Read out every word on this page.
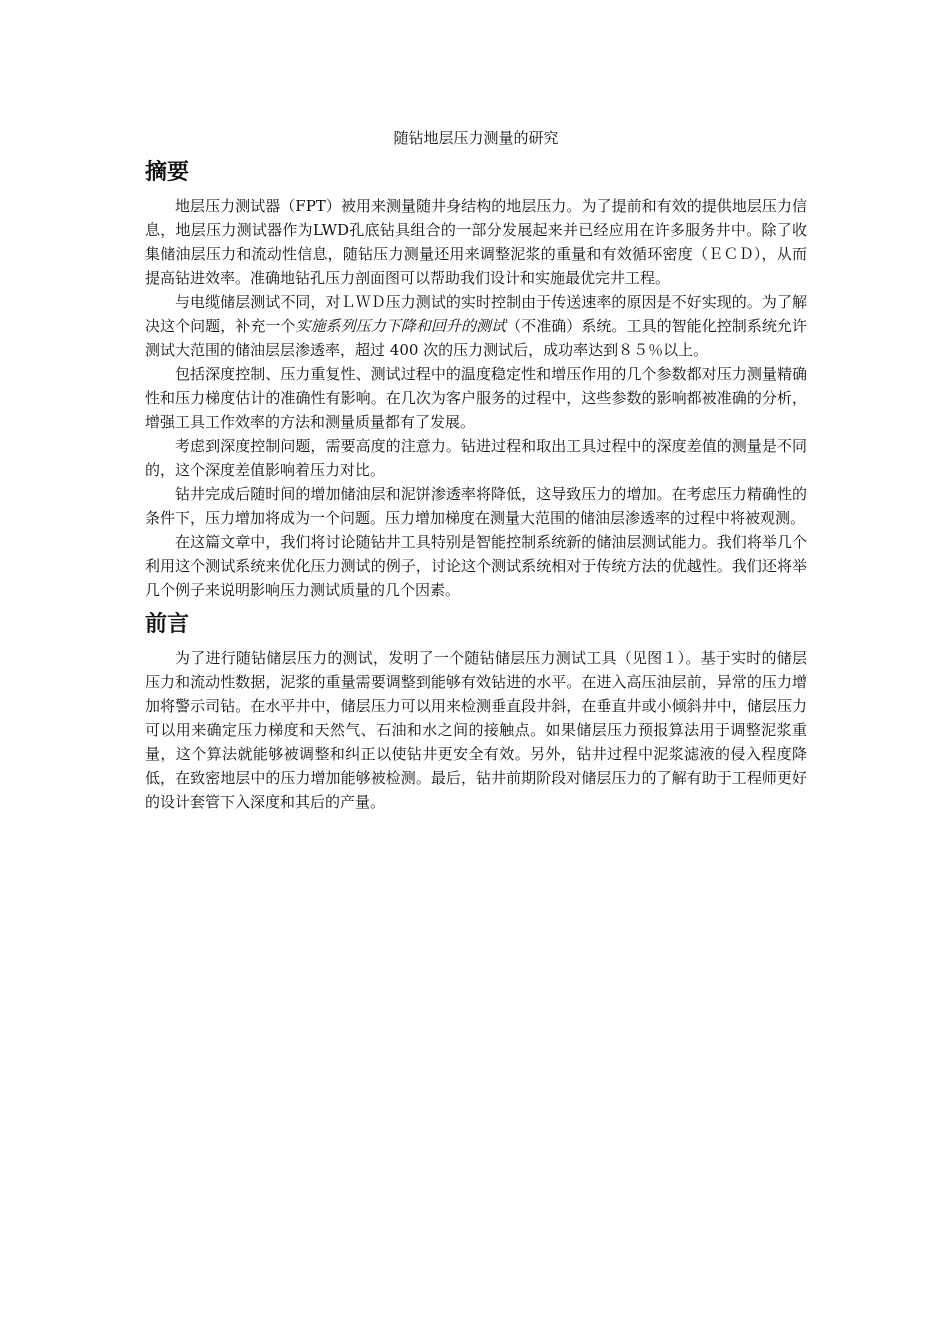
随钻地层压力测量的研究
摘要

地层压力测试器（FPT）被用来测量随井身结构的地层压力。为了提前和有效的提供地层压力信息，地层压力测试器作为LWD孔底钻具组合的一部分发展起来并已经应用在许多服务井中。除了收集储油层压力和流动性信息，随钻压力测量还用来调整泥浆的重量和有效循环密度（ＥＣＤ），从而提高钻进效率。准确地钻孔压力剖面图可以帮助我们设计和实施最优完井工程。

与电缆储层测试不同，对ＬＷＤ压力测试的实时控制由于传送速率的原因是不好实现的。为了解决这个问题，补充一个实施系列压力下降和回升的测试（不准确）系统。工具的智能化控制系统允许测试大范围的储油层层渗透率，超过 400 次的压力测试后，成功率达到８５％以上。

包括深度控制、压力重复性、测试过程中的温度稳定性和增压作用的几个参数都对压力测量精确性和压力梯度估计的准确性有影响。在几次为客户服务的过程中，这些参数的影响都被准确的分析，增强工具工作效率的方法和测量质量都有了发展。

考虑到深度控制问题，需要高度的注意力。钻进过程和取出工具过程中的深度差值的测量是不同的，这个深度差值影响着压力对比。

钻井完成后随时间的增加储油层和泥饼渗透率将降低，这导致压力的增加。在考虑压力精确性的条件下，压力增加将成为一个问题。压力增加梯度在测量大范围的储油层渗透率的过程中将被观测。

在这篇文章中，我们将讨论随钻井工具特别是智能控制系统新的储油层测试能力。我们将举几个利用这个测试系统来优化压力测试的例子，讨论这个测试系统相对于传统方法的优越性。我们还将举几个例子来说明影响压力测试质量的几个因素。

前言

为了进行随钻储层压力的测试，发明了一个随钻储层压力测试工具（见图１）。基于实时的储层压力和流动性数据，泥浆的重量需要调整到能够有效钻进的水平。在进入高压油层前，异常的压力增加将警示司钻。在水平井中，储层压力可以用来检测垂直段井斜，在垂直井或小倾斜井中，储层压力可以用来确定压力梯度和天然气、石油和水之间的接触点。如果储层压力预报算法用于调整泥浆重量，这个算法就能够被调整和纠正以使钻井更安全有效。另外，钻井过程中泥浆滤液的侵入程度降低，在致密地层中的压力增加能够被检测。最后，钻井前期阶段对储层压力的了解有助于工程师更好的设计套管下入深度和其后的产量。
